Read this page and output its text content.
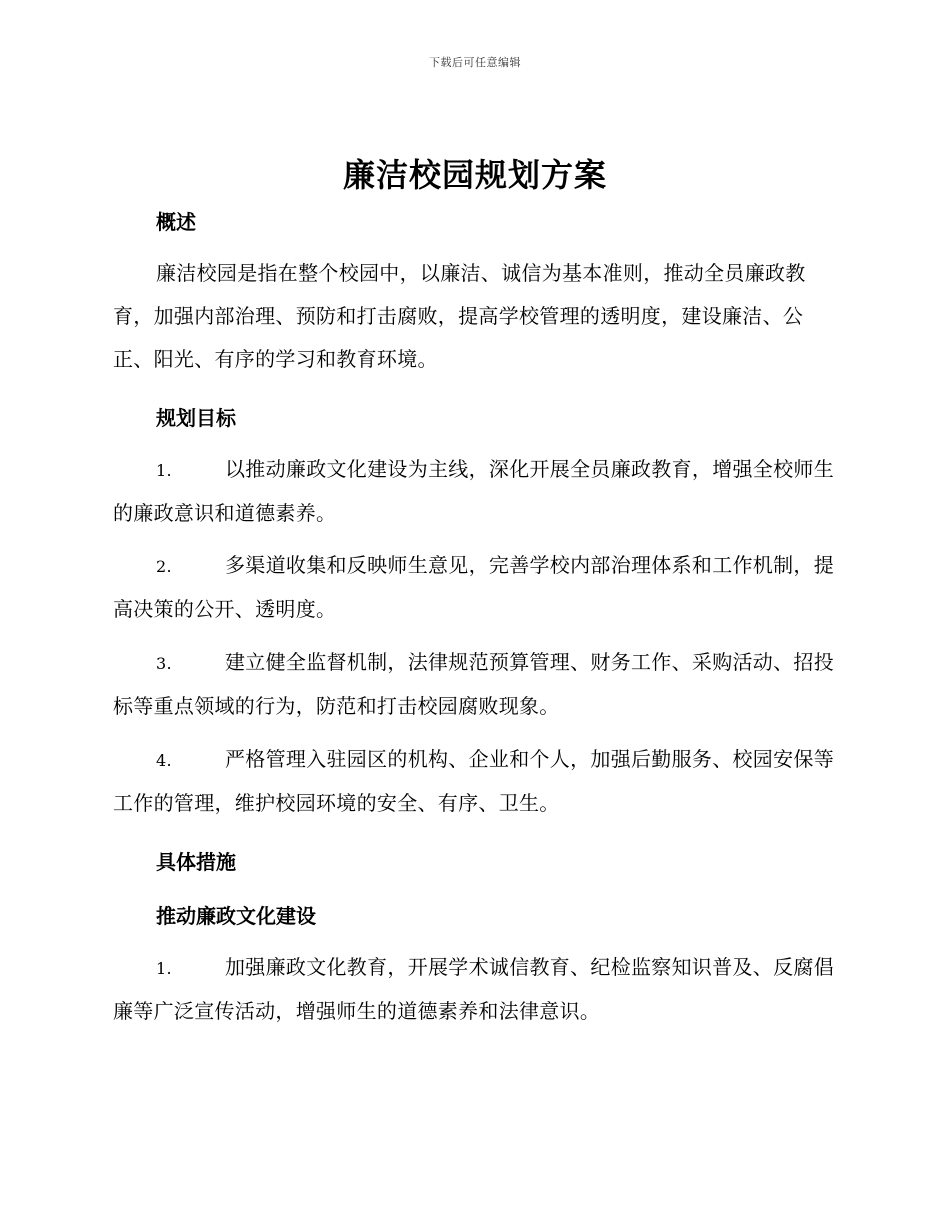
下载后可任意编辑
廉洁校园规划方案
概述
廉洁校园是指在整个校园中，以廉洁、诚信为基本准则，推动全员廉政教育，加强内部治理、预防和打击腐败，提高学校管理的透明度，建设廉洁、公正、阳光、有序的学习和教育环境。
规划目标
1.	以推动廉政文化建设为主线，深化开展全员廉政教育，增强全校师生的廉政意识和道德素养。
2.	多渠道收集和反映师生意见，完善学校内部治理体系和工作机制，提高决策的公开、透明度。
3.	建立健全监督机制，法律规范预算管理、财务工作、采购活动、招投标等重点领域的行为，防范和打击校园腐败现象。
4.	严格管理入驻园区的机构、企业和个人，加强后勤服务、校园安保等工作的管理，维护校园环境的安全、有序、卫生。
具体措施
推动廉政文化建设
1.	加强廉政文化教育，开展学术诚信教育、纪检监察知识普及、反腐倡廉等广泛宣传活动，增强师生的道德素养和法律意识。
